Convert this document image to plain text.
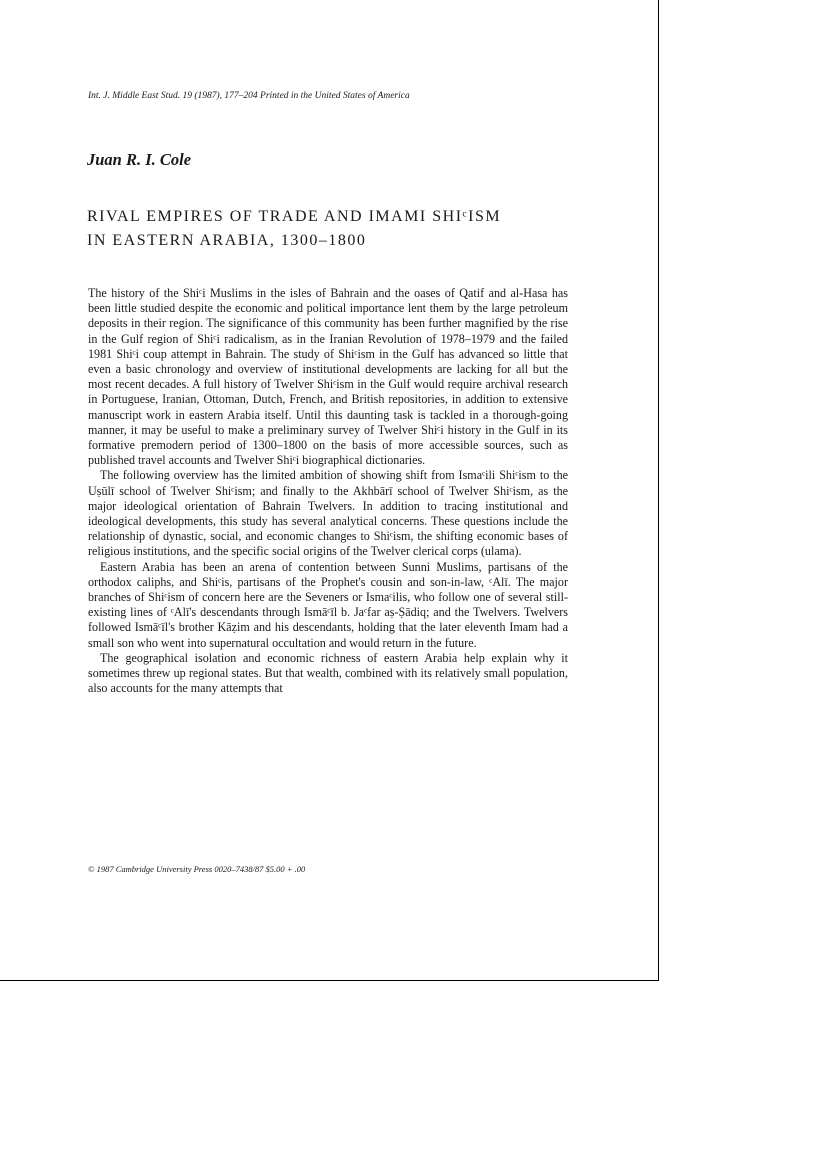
Int. J. Middle East Stud. 19 (1987), 177–204 Printed in the United States of America
Juan R. I. Cole
RIVAL EMPIRES OF TRADE AND IMAMI SHIᶜISM
IN EASTERN ARABIA, 1300–1800

The history of the Shiᶜi Muslims in the isles of Bahrain and the oases of Qatif and al-Hasa has been little studied despite the economic and political importance lent them by the large petroleum deposits in their region. The significance of this community has been further magnified by the rise in the Gulf region of Shiᶜi radicalism, as in the Iranian Revolution of 1978–1979 and the failed 1981 Shiᶜi coup attempt in Bahrain. The study of Shiᶜism in the Gulf has advanced so little that even a basic chronology and overview of institutional developments are lacking for all but the most recent decades. A full history of Twelver Shiᶜism in the Gulf would require archival research in Portuguese, Iranian, Ottoman, Dutch, French, and British repositories, in addition to extensive manuscript work in eastern Arabia itself. Until this daunting task is tackled in a thorough-going manner, it may be useful to make a preliminary survey of Twelver Shiᶜi history in the Gulf in its formative premodern period of 1300–1800 on the basis of more accessible sources, such as published travel accounts and Twelver Shiᶜi biographical dictionaries.

The following overview has the limited ambition of showing shift from Ismaᶜili Shiᶜism to the Uṣūlī school of Twelver Shiᶜism; and finally to the Akhbārī school of Twelver Shiᶜism, as the major ideological orientation of Bahrain Twelvers. In addition to tracing institutional and ideological developments, this study has several analytical concerns. These questions include the relationship of dynastic, social, and economic changes to Shiᶜism, the shifting economic bases of religious institutions, and the specific social origins of the Twelver clerical corps (ulama).

Eastern Arabia has been an arena of contention between Sunni Muslims, partisans of the orthodox caliphs, and Shiᶜis, partisans of the Prophet's cousin and son-in-law, ᶜAlī. The major branches of Shiᶜism of concern here are the Seveners or Ismaᶜilis, who follow one of several still-existing lines of ᶜAlī's descendants through Ismāᶜīl b. Jaᶜfar aṣ-Ṣādiq; and the Twelvers. Twelvers followed Ismāᶜīl's brother Kāẓim and his descendants, holding that the later eleventh Imam had a small son who went into supernatural occultation and would return in the future.

The geographical isolation and economic richness of eastern Arabia help explain why it sometimes threw up regional states. But that wealth, combined with its relatively small population, also accounts for the many attempts that

© 1987 Cambridge University Press 0020–7438/87 $5.00 + .00
